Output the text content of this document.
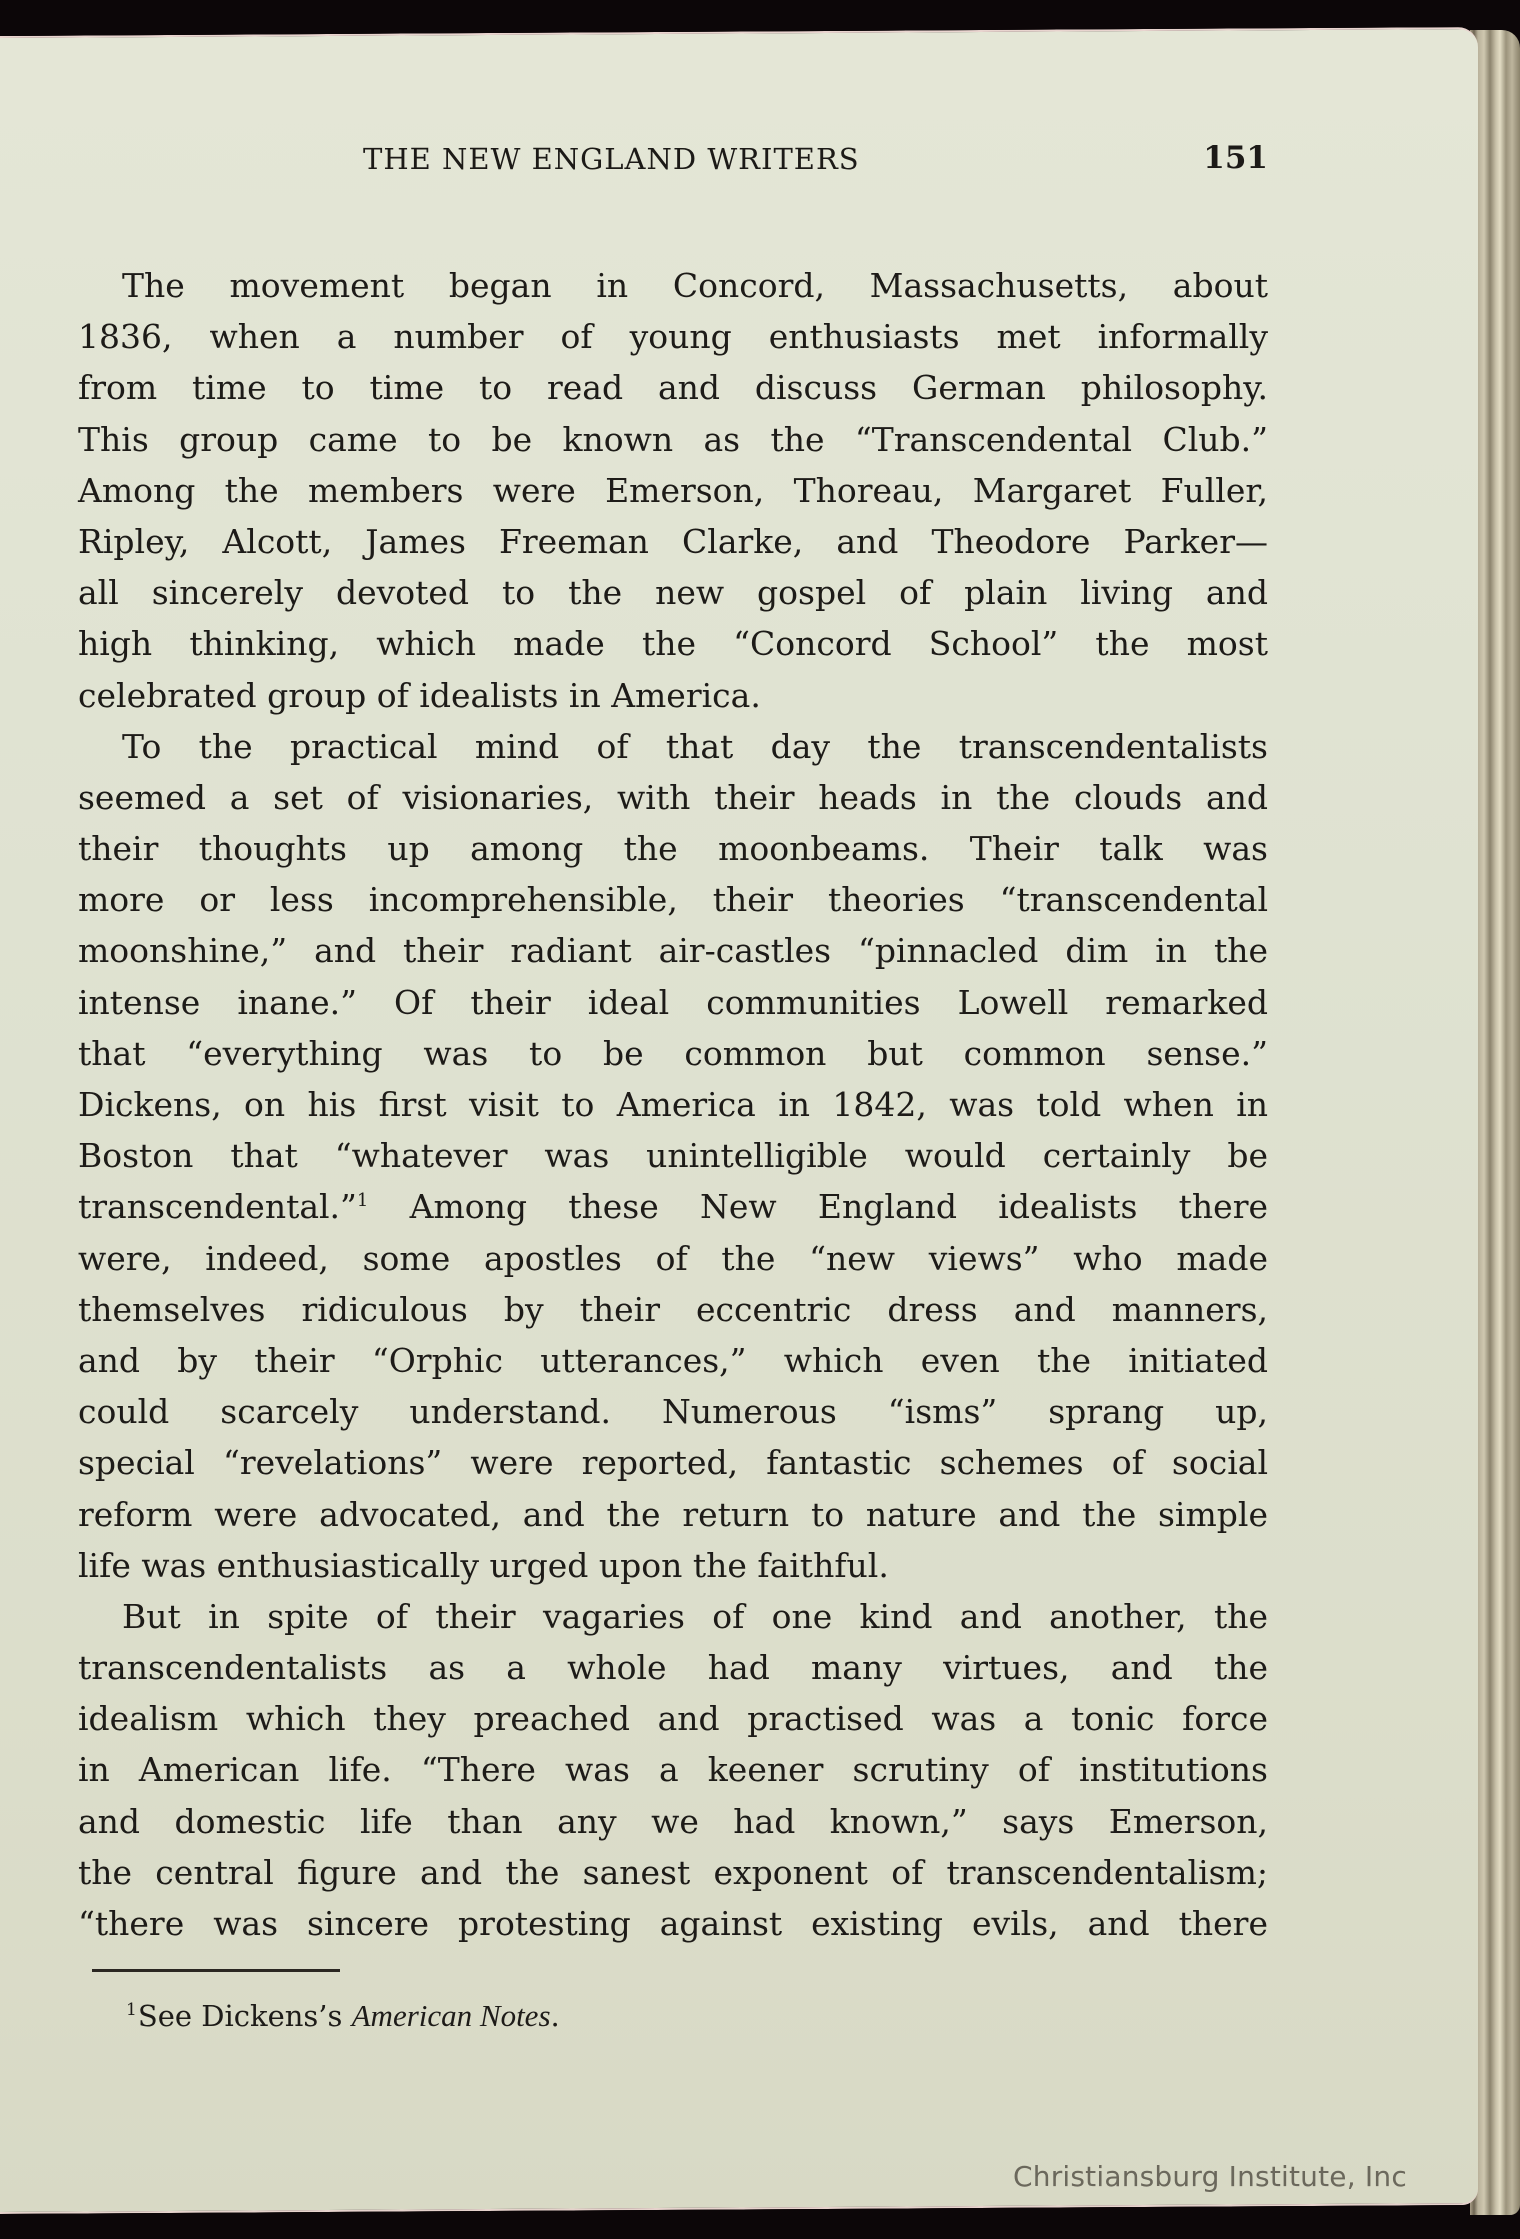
THE NEW ENGLAND WRITERS	151
The movement began in Concord, Massachusetts, about
1836, when a number of young enthusiasts met informally
from time to time to read and discuss German philosophy.
This group came to be known as the “Transcendental Club.”
Among the members were Emerson, Thoreau, Margaret Fuller,
Ripley, Alcott, James Freeman Clarke, and Theodore Parker—
all sincerely devoted to the new gospel of plain living and
high thinking, which made the “Concord School” the most
celebrated group of idealists in America.
To the practical mind of that day the transcendentalists
seemed a set of visionaries, with their heads in the clouds and
their thoughts up among the moonbeams. Their talk was
more or less incomprehensible, their theories “transcendental
moonshine,” and their radiant air-castles “pinnacled dim in the
intense inane.” Of their ideal communities Lowell remarked
that “everything was to be common but common sense.”
Dickens, on his first visit to America in 1842, was told when in
Boston that “whatever was unintelligible would certainly be
transcendental.”$^1$ Among these New England idealists there
were, indeed, some apostles of the “new views” who made
themselves ridiculous by their eccentric dress and manners,
and by their “Orphic utterances,” which even the initiated
could scarcely understand. Numerous “isms” sprang up,
special “revelations” were reported, fantastic schemes of social
reform were advocated, and the return to nature and the simple
life was enthusiastically urged upon the faithful.
But in spite of their vagaries of one kind and another, the
transcendentalists as a whole had many virtues, and the
idealism which they preached and practised was a tonic force
in American life. “There was a keener scrutiny of institutions
and domestic life than any we had known,” says Emerson,
the central figure and the sanest exponent of transcendentalism;
“there was sincere protesting against existing evils, and there
$^1$See Dickens’s American Notes.
Christiansburg Institute, Inc
